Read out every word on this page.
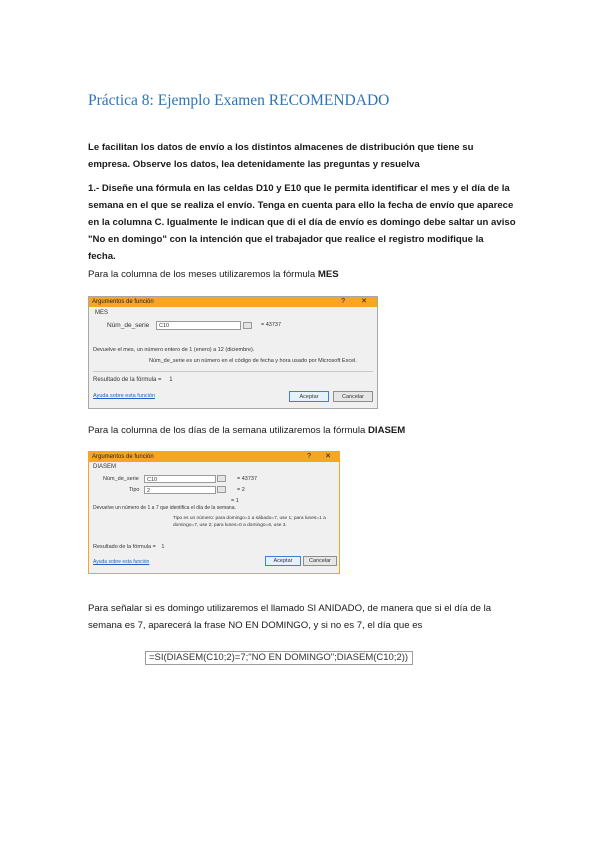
Práctica 8: Ejemplo Examen RECOMENDADO
Le facilitan los datos de envío a los distintos almacenes de distribución que tiene su
empresa. Observe los datos, lea detenidamente las preguntas y resuelva
1.- Diseñe una fórmula en las celdas D10 y E10 que le permita identificar el mes y el día de la
semana en el que se realiza el envío. Tenga en cuenta para ello la fecha de envío que aparece
en la columna C. Igualmente le indican que di el día de envío es domingo debe saltar un aviso
"No en domingo" con la intención que el trabajador que realice el registro modifique la
fecha.
Para la columna de los meses utilizaremos la fórmula MES
Argumentos de función	? ✕
MES
Núm_de_serie	C10	= 43737
Devuelve el mes, un número entero de 1 (enero) a 12 (diciembre).
Núm_de_serie es un número en el código de fecha y hora usado por Microsoft Excel.
Resultado de la fórmula = 1
Ayuda sobre esta función	Aceptar	Cancelar
Para la columna de los días de la semana utilizaremos la fórmula DIASEM
Argumentos de función	? ✕
DIASEM
Núm_de_serie	C10	= 43737
Tipo	2	= 2
= 1
Devuelve un número de 1 a 7 que identifica el día de la semana.
Tipo es un número: para domingo=1 a sábado=7, use 1; para lunes=1 a domingo=7, use 2; para lunes=0 a domingo=6, use 3.
Resultado de la fórmula = 1
Ayuda sobre esta función	Aceptar	Cancelar
Para señalar si es domingo utilizaremos el llamado SI ANIDADO, de manera que si el día de la
semana es 7, aparecerá la frase NO EN DOMINGO, y si no es 7, el día que es
=SI(DIASEM(C10;2)=7;"NO EN DOMINGO";DIASEM(C10;2))
